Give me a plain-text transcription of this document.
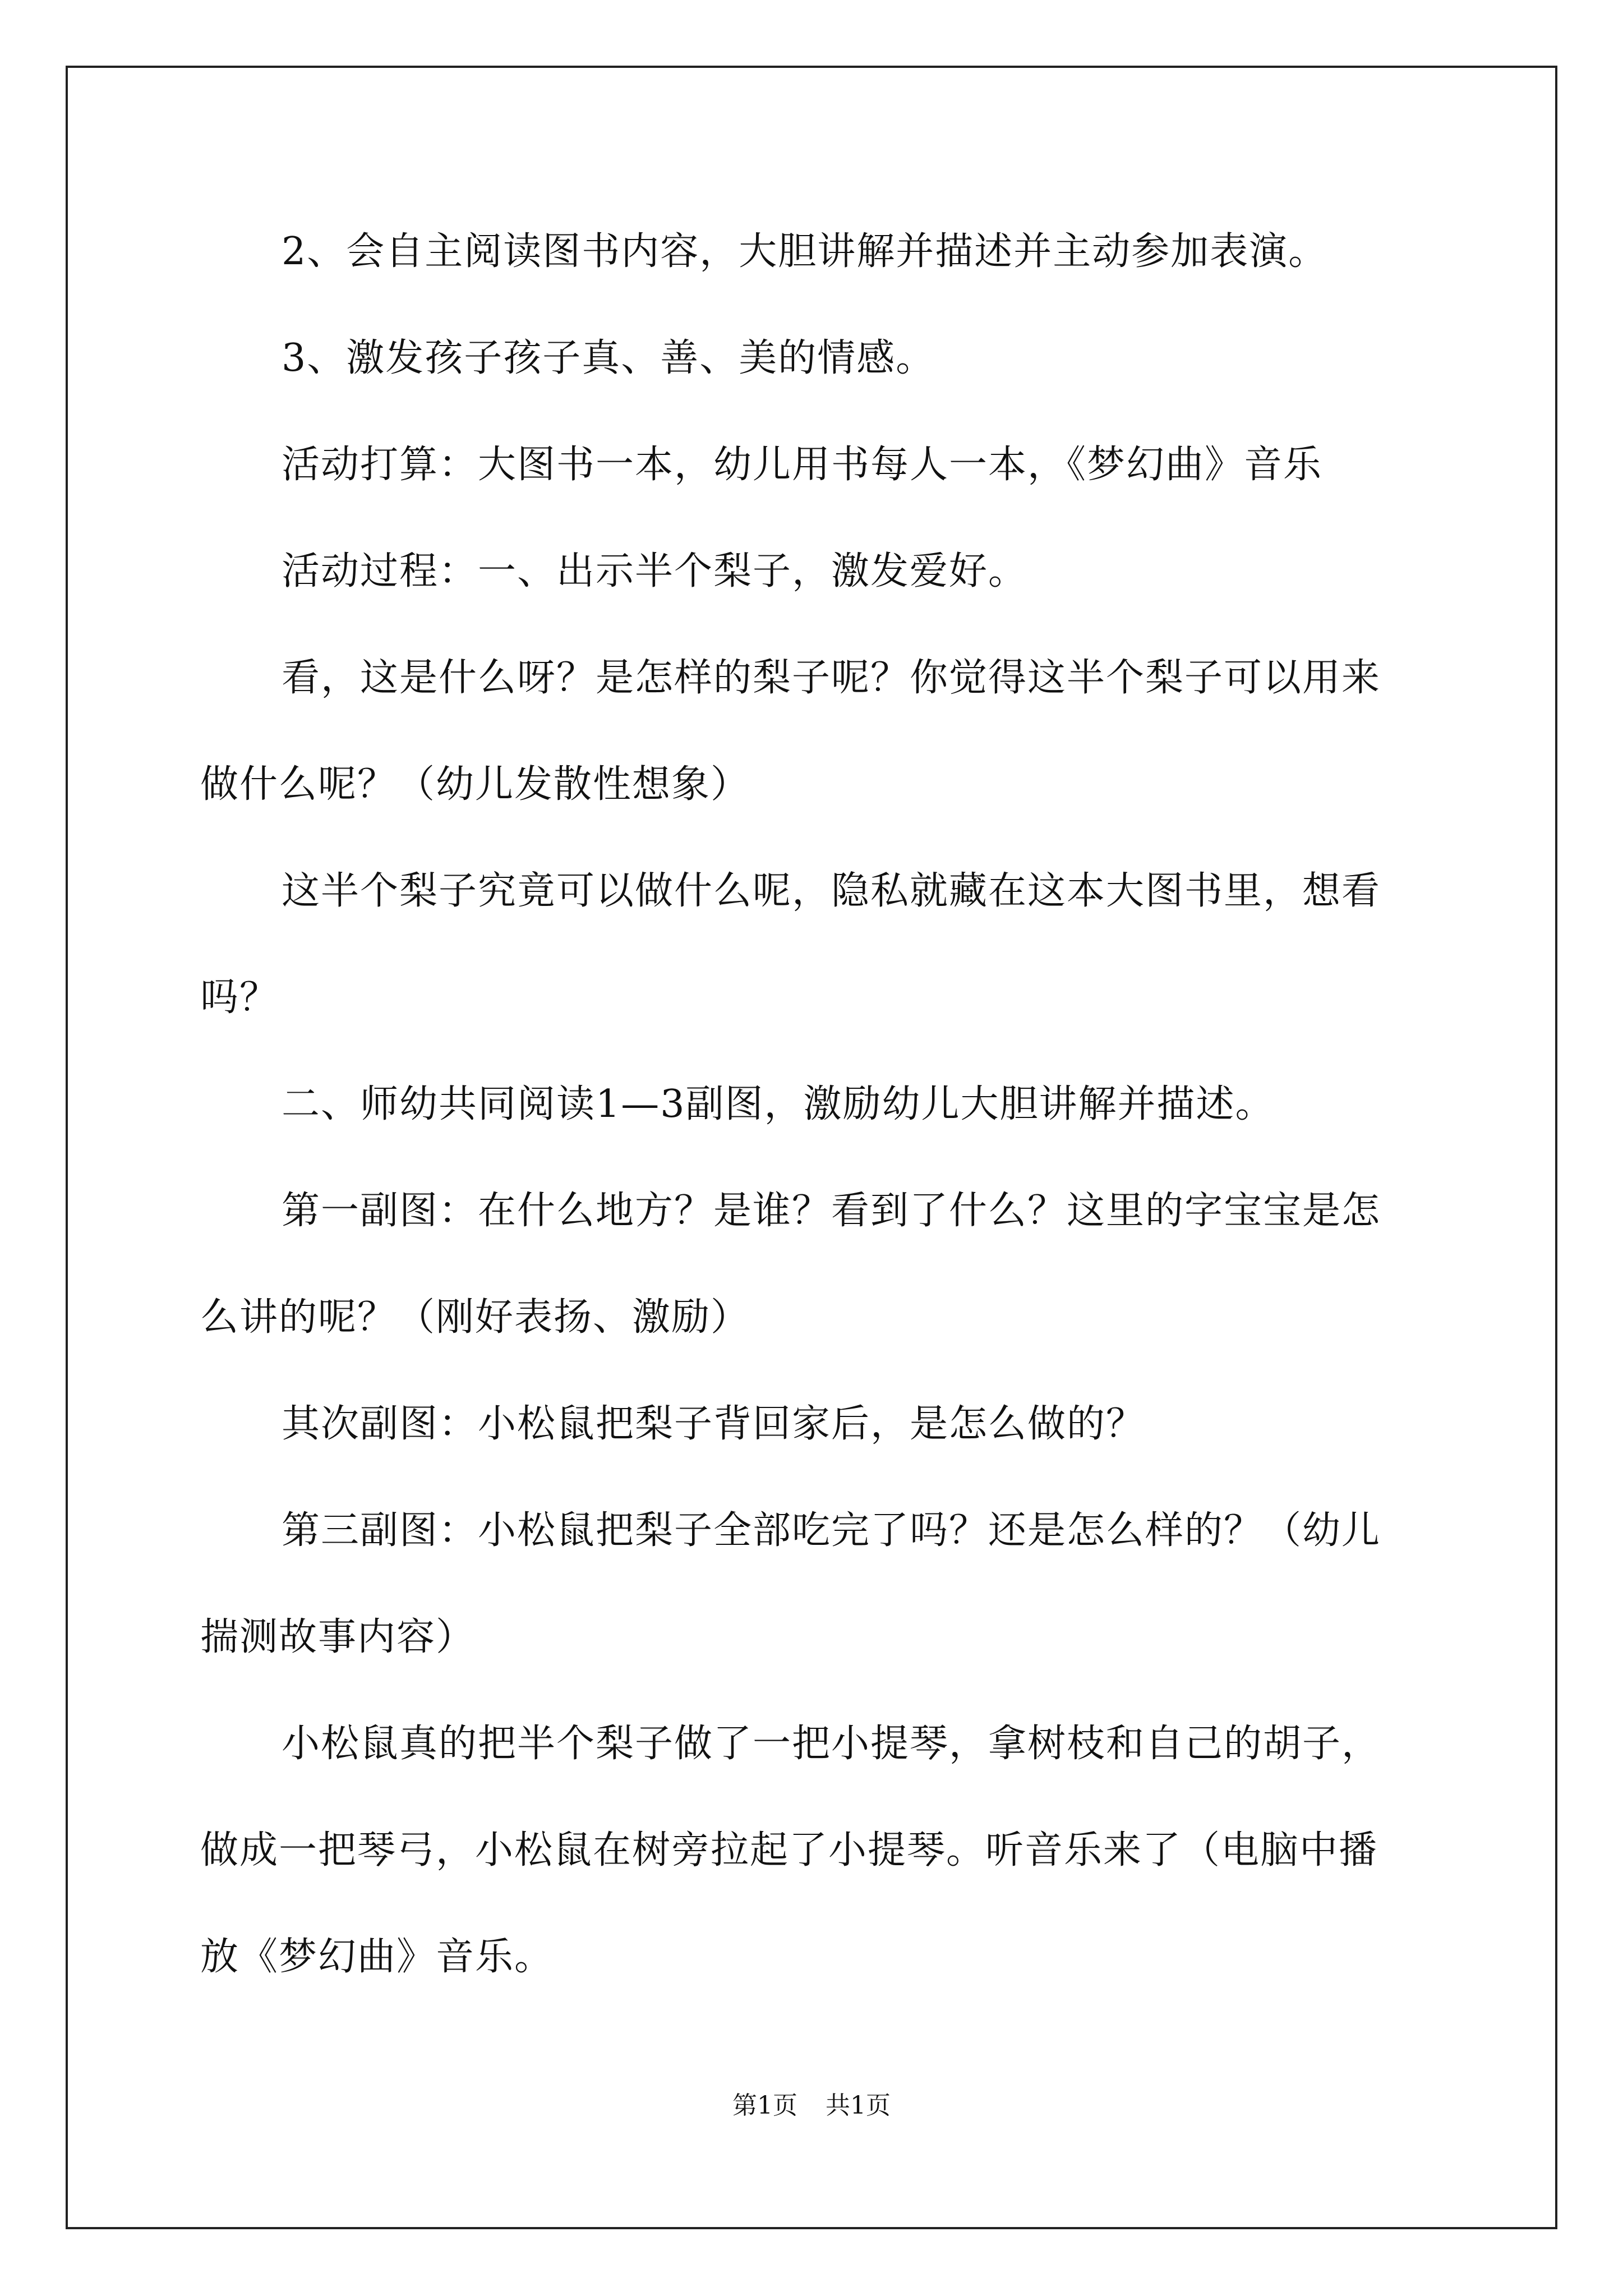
2、会自主阅读图书内容，大胆讲解并描述并主动参加表演。
3、激发孩子孩子真、善、美的情感。
活动打算：大图书一本，幼儿用书每人一本，《梦幻曲》音乐
活动过程：一、出示半个梨子，激发爱好。
看，这是什么呀？是怎样的梨子呢？你觉得这半个梨子可以用来
做什么呢？（幼儿发散性想象）
这半个梨子究竟可以做什么呢，隐私就藏在这本大图书里，想看
吗？
二、师幼共同阅读1—3副图，激励幼儿大胆讲解并描述。
第一副图：在什么地方？是谁？看到了什么？这里的字宝宝是怎
么讲的呢？（刚好表扬、激励）
其次副图：小松鼠把梨子背回家后，是怎么做的？
第三副图：小松鼠把梨子全部吃完了吗？还是怎么样的？（幼儿
揣测故事内容）
小松鼠真的把半个梨子做了一把小提琴，拿树枝和自己的胡子，
做成一把琴弓，小松鼠在树旁拉起了小提琴。听音乐来了（电脑中播
放《梦幻曲》音乐。
第1页 共1页
